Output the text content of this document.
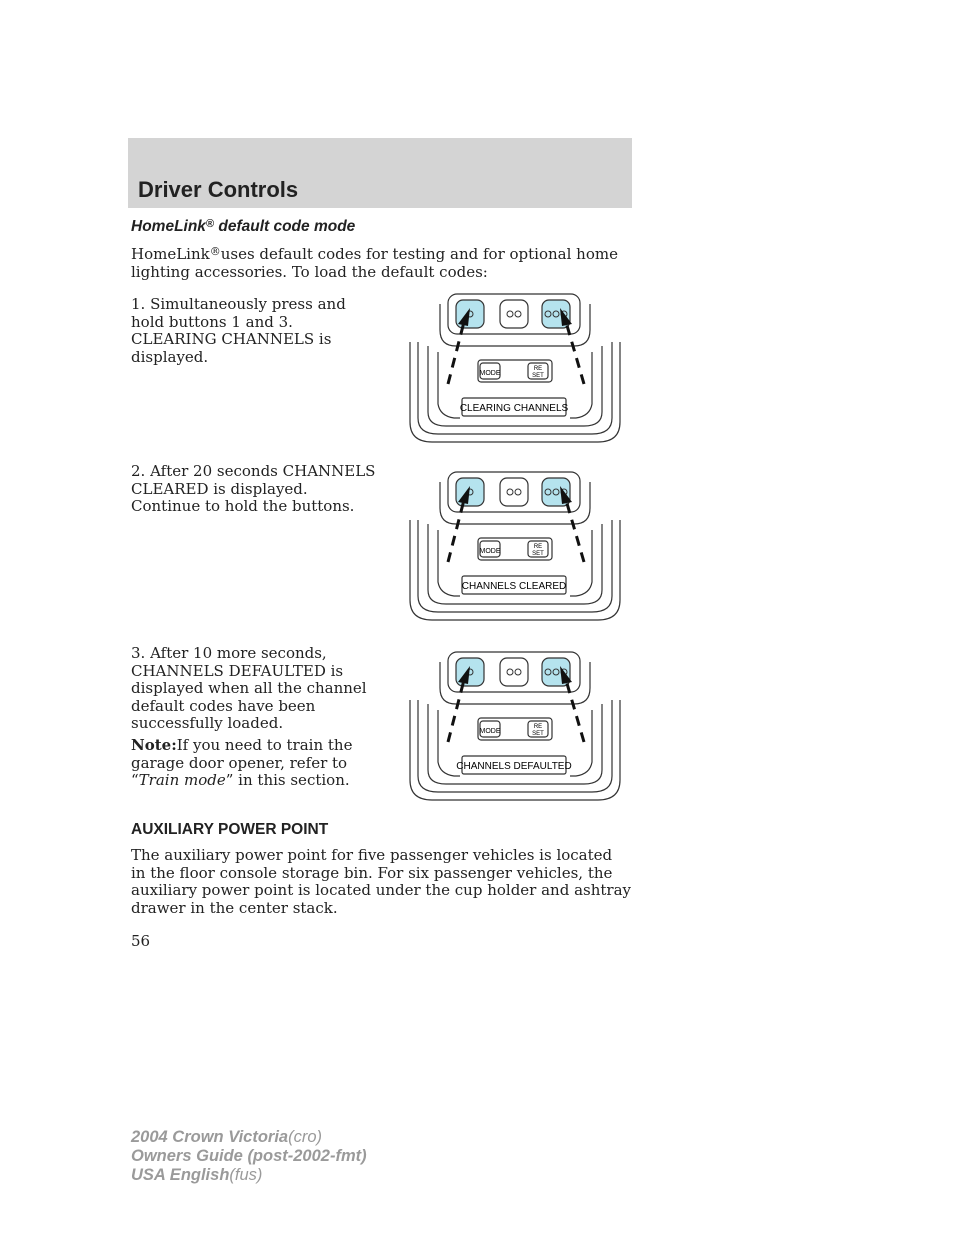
Driver Controls
HomeLink® default code mode

HomeLink®uses default codes for testing and for optional home lighting accessories. To load the default codes:

1. Simultaneously press and hold buttons 1 and 3. CLEARING CHANNELS is displayed.

2. After 20 seconds CHANNELS CLEARED is displayed. Continue to hold the buttons.

3. After 10 more seconds, CHANNELS DEFAULTED is displayed when all the channel default codes have been successfully loaded.

Note:If you need to train the garage door opener, refer to “Train mode” in this section.

AUXILIARY POWER POINT

The auxiliary power point for five passenger vehicles is located in the floor console storage bin. For six passenger vehicles, the auxiliary power point is located under the cup holder and ashtray drawer in the center stack.

56
2004 Crown Victoria(cro)
Owners Guide (post-2002-fmt)
USA English(fus)
MODE
RE
SET
CLEARING CHANNELS
MODE
RE
SET
CHANNELS CLEARED
MODE
RE
SET
CHANNELS DEFAULTED
